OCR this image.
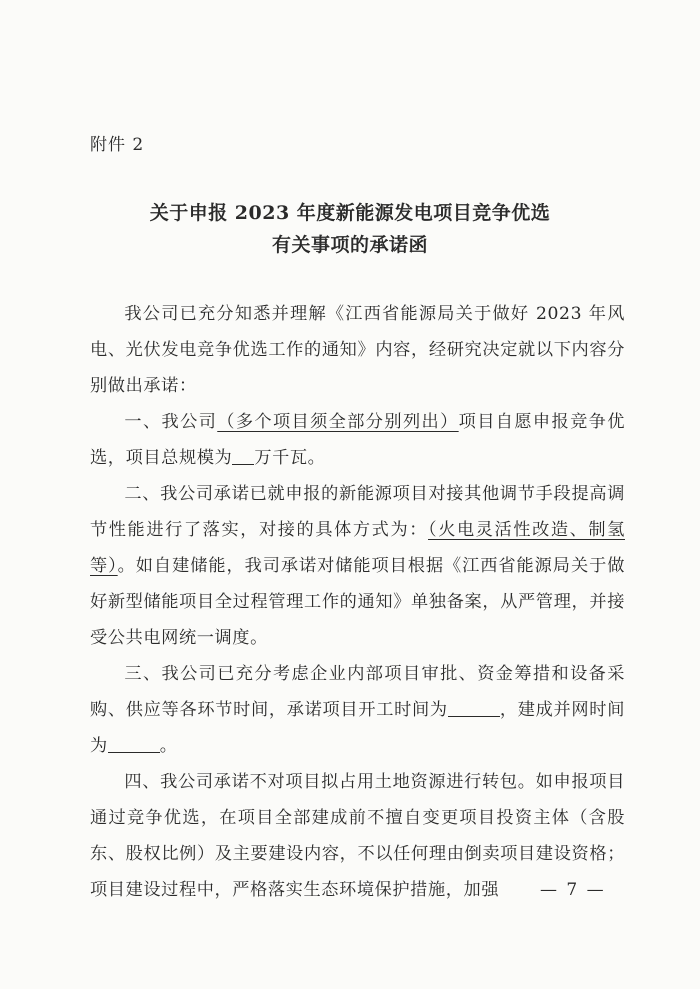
附件 2
关于申报 2023 年度新能源发电项目竞争优选
有关事项的承诺函

我公司已充分知悉并理解《江西省能源局关于做好 2023 年风电、光伏发电竞争优选工作的通知》内容，经研究决定就以下内容分别做出承诺：

一、我公司（多个项目须全部分别列出）项目自愿申报竞争优选，项目总规模为 万千瓦。

二、我公司承诺已就申报的新能源项目对接其他调节手段提高调节性能进行了落实，对接的具体方式为：（火电灵活性改造、制氢等）。如自建储能，我司承诺对储能项目根据《江西省能源局关于做好新型储能项目全过程管理工作的通知》单独备案，从严管理，并接受公共电网统一调度。

三、我公司已充分考虑企业内部项目审批、资金筹措和设备采购、供应等各环节时间，承诺项目开工时间为	，建成并网时间为	。

四、我公司承诺不对项目拟占用土地资源进行转包。如申报项目通过竞争优选，在项目全部建成前不擅自变更项目投资主体（含股东、股权比例）及主要建设内容，不以任何理由倒卖项目建设资格；项目建设过程中，严格落实生态环境保护措施，加强	— 7 —
